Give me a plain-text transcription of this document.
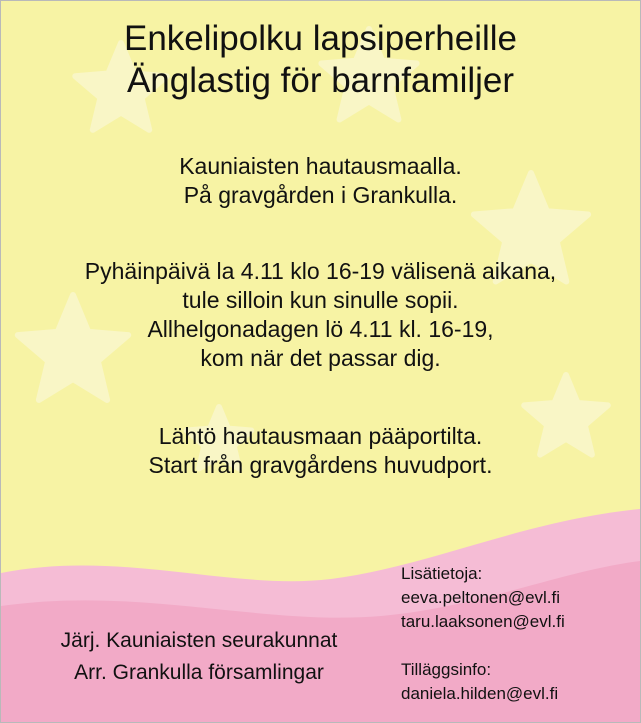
Enkelipolku lapsiperheille
Änglastig för barnfamiljer
Kauniaisten hautausmaalla.
På gravgården i Grankulla.
Pyhäinpäivä la 4.11 klo 16-19 välisenä aikana,
tule silloin kun sinulle sopii.
Allhelgonadagen lö 4.11 kl. 16-19,
kom när det passar dig.
Lähtö hautausmaan pääportilta.
Start från gravgårdens huvudport.
Järj. Kauniaisten seurakunnat
Arr. Grankulla församlingar
Lisätietoja:
eeva.peltonen@evl.fi
taru.laaksonen@evl.fi
Tilläggsinfo:
daniela.hilden@evl.fi
